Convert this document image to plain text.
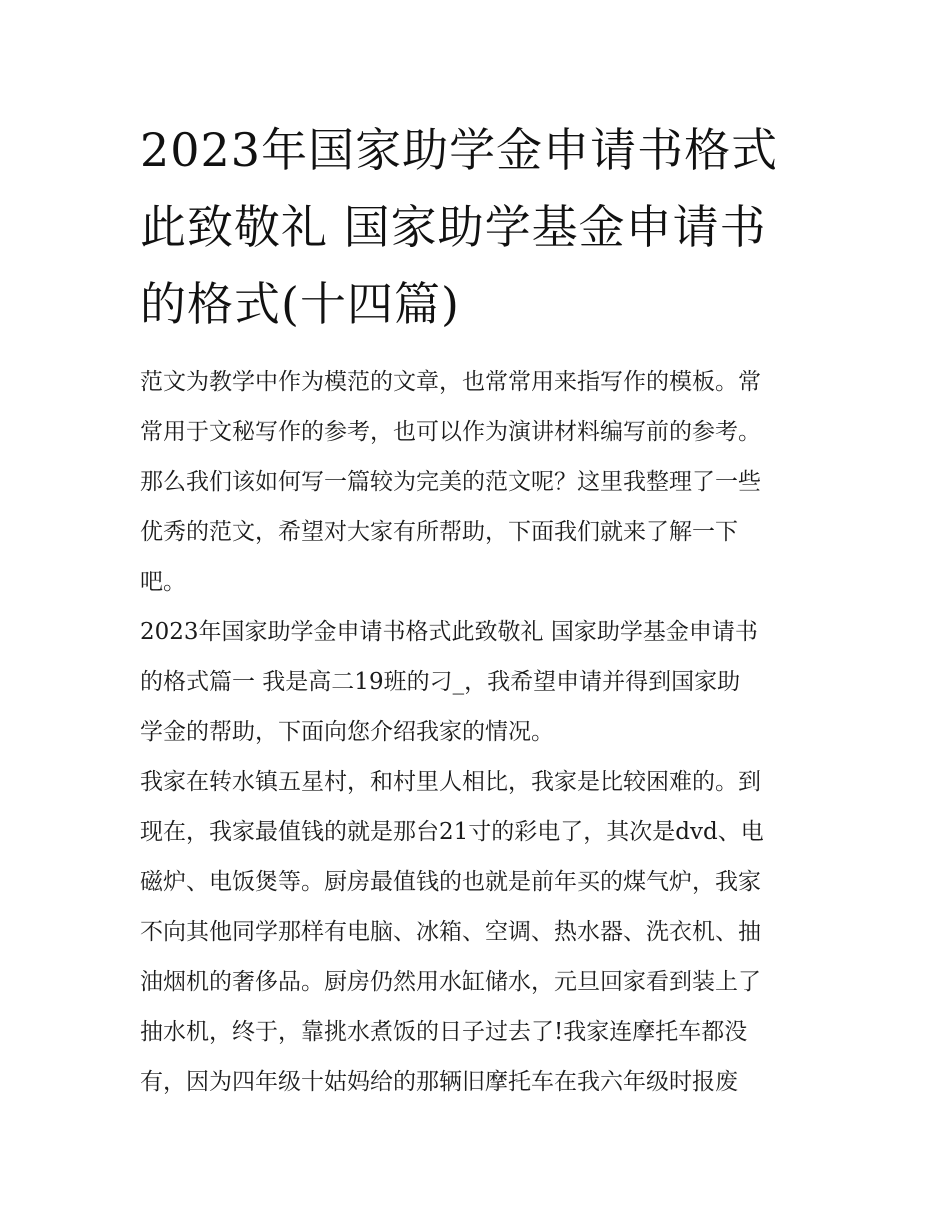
2023年国家助学金申请书格式
此致敬礼 国家助学基金申请书
的格式(十四篇)

范文为教学中作为模范的文章，也常常用来指写作的模板。常
常用于文秘写作的参考，也可以作为演讲材料编写前的参考。
那么我们该如何写一篇较为完美的范文呢？这里我整理了一些
优秀的范文，希望对大家有所帮助，下面我们就来了解一下
吧。

2023年国家助学金申请书格式此致敬礼 国家助学基金申请书
的格式篇一 我是高二19班的刁_，我希望申请并得到国家助
学金的帮助，下面向您介绍我家的情况。

我家在转水镇五星村，和村里人相比，我家是比较困难的。到
现在，我家最值钱的就是那台21寸的彩电了，其次是dvd、电
磁炉、电饭煲等。厨房最值钱的也就是前年买的煤气炉，我家
不向其他同学那样有电脑、冰箱、空调、热水器、洗衣机、抽
油烟机的奢侈品。厨房仍然用水缸储水，元旦回家看到装上了
抽水机，终于，靠挑水煮饭的日子过去了!我家连摩托车都没
有，因为四年级十姑妈给的那辆旧摩托车在我六年级时报废
